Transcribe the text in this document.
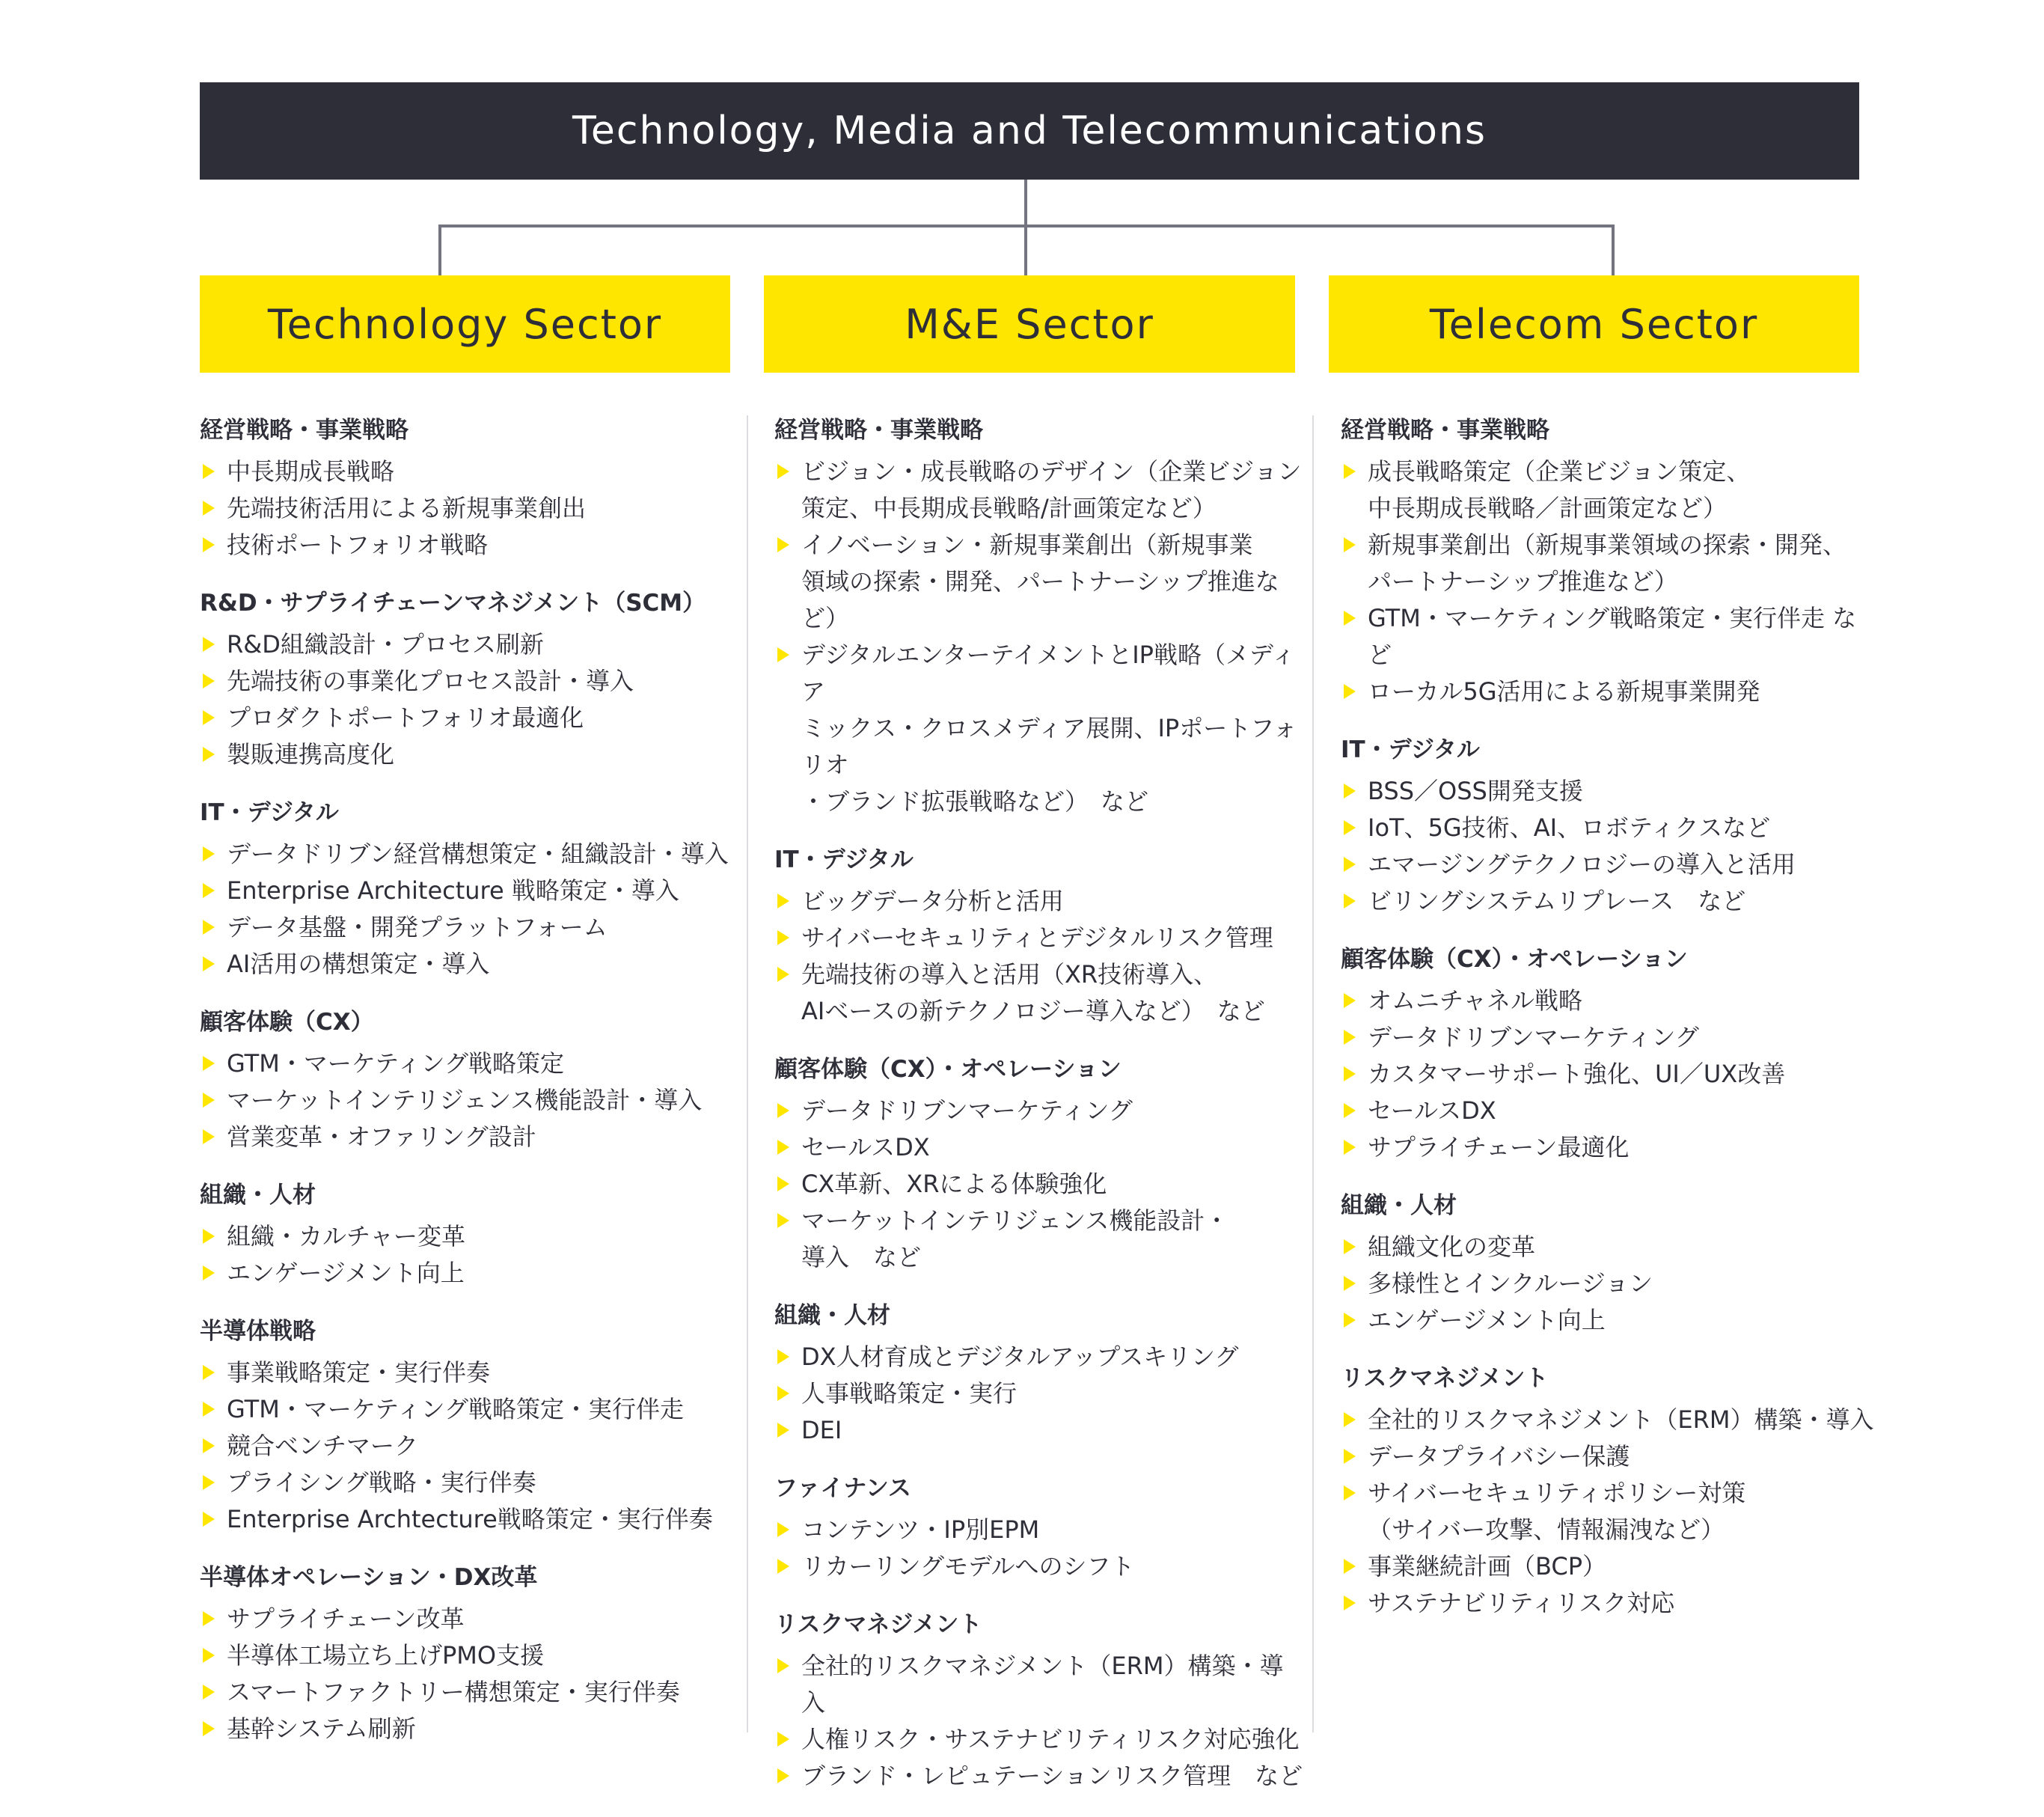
Technology, Media and Telecommunications
Technology Sector	M&E Sector	Telecom Sector
経営戦略・事業戦略
中長期成長戦略
先端技術活用による新規事業創出
技術ポートフォリオ戦略
R&D・サプライチェーンマネジメント（SCM）
R&D組織設計・プロセス刷新
先端技術の事業化プロセス設計・導入
プロダクトポートフォリオ最適化
製販連携高度化
IT・デジタル
データドリブン経営構想策定・組織設計・導入
Enterprise Architecture 戦略策定・導入
データ基盤・開発プラットフォーム
AI活用の構想策定・導入
顧客体験（CX）
GTM・マーケティング戦略策定
マーケットインテリジェンス機能設計・導入
営業変革・オファリング設計
組織・人材
組織・カルチャー変革
エンゲージメント向上
半導体戦略
事業戦略策定・実行伴奏
GTM・マーケティング戦略策定・実行伴走
競合ベンチマーク
プライシング戦略・実行伴奏
Enterprise Archtecture戦略策定・実行伴奏
半導体オペレーション・DX改革
サプライチェーン改革
半導体工場立ち上げPMO支援
スマートファクトリー構想策定・実行伴奏
基幹システム刷新
経営戦略・事業戦略
ビジョン・成長戦略のデザイン（企業ビジョン
策定、中長期成長戦略/計画策定など）
イノベーション・新規事業創出（新規事業
領域の探索・開発、パートナーシップ推進など）
デジタルエンターテイメントとIP戦略（メディア
ミックス・クロスメディア展開、IPポートフォリオ
・ブランド拡張戦略など）　など
IT・デジタル
ビッグデータ分析と活用
サイバーセキュリティとデジタルリスク管理
先端技術の導入と活用（XR技術導入、
AIベースの新テクノロジー導入など）　など
顧客体験（CX）・オペレーション
データドリブンマーケティング
セールスDX
CX革新、XRによる体験強化
マーケットインテリジェンス機能設計・
導入　など
組織・人材
DX人材育成とデジタルアップスキリング
人事戦略策定・実行
DEI
ファイナンス
コンテンツ・IP別EPM
リカーリングモデルへのシフト
リスクマネジメント
全社的リスクマネジメント（ERM）構築・導入
人権リスク・サステナビリティリスク対応強化
ブランド・レピュテーションリスク管理　など
経営戦略・事業戦略
成長戦略策定（企業ビジョン策定、
中長期成長戦略／計画策定など）
新規事業創出（新規事業領域の探索・開発、
パートナーシップ推進など）
GTM・マーケティング戦略策定・実行伴走 など
ローカル5G活用による新規事業開発
IT・デジタル
BSS／OSS開発支援
IoT、5G技術、AI、ロボティクスなど
エマージングテクノロジーの導入と活用
ビリングシステムリプレース　など
顧客体験（CX）・オペレーション
オムニチャネル戦略
データドリブンマーケティング
カスタマーサポート強化、UI／UX改善
セールスDX
サプライチェーン最適化
組織・人材
組織文化の変革
多様性とインクルージョン
エンゲージメント向上
リスクマネジメント
全社的リスクマネジメント（ERM）構築・導入
データプライバシー保護
サイバーセキュリティポリシー対策
（サイバー攻撃、情報漏洩など）
事業継続計画（BCP）
サステナビリティリスク対応
